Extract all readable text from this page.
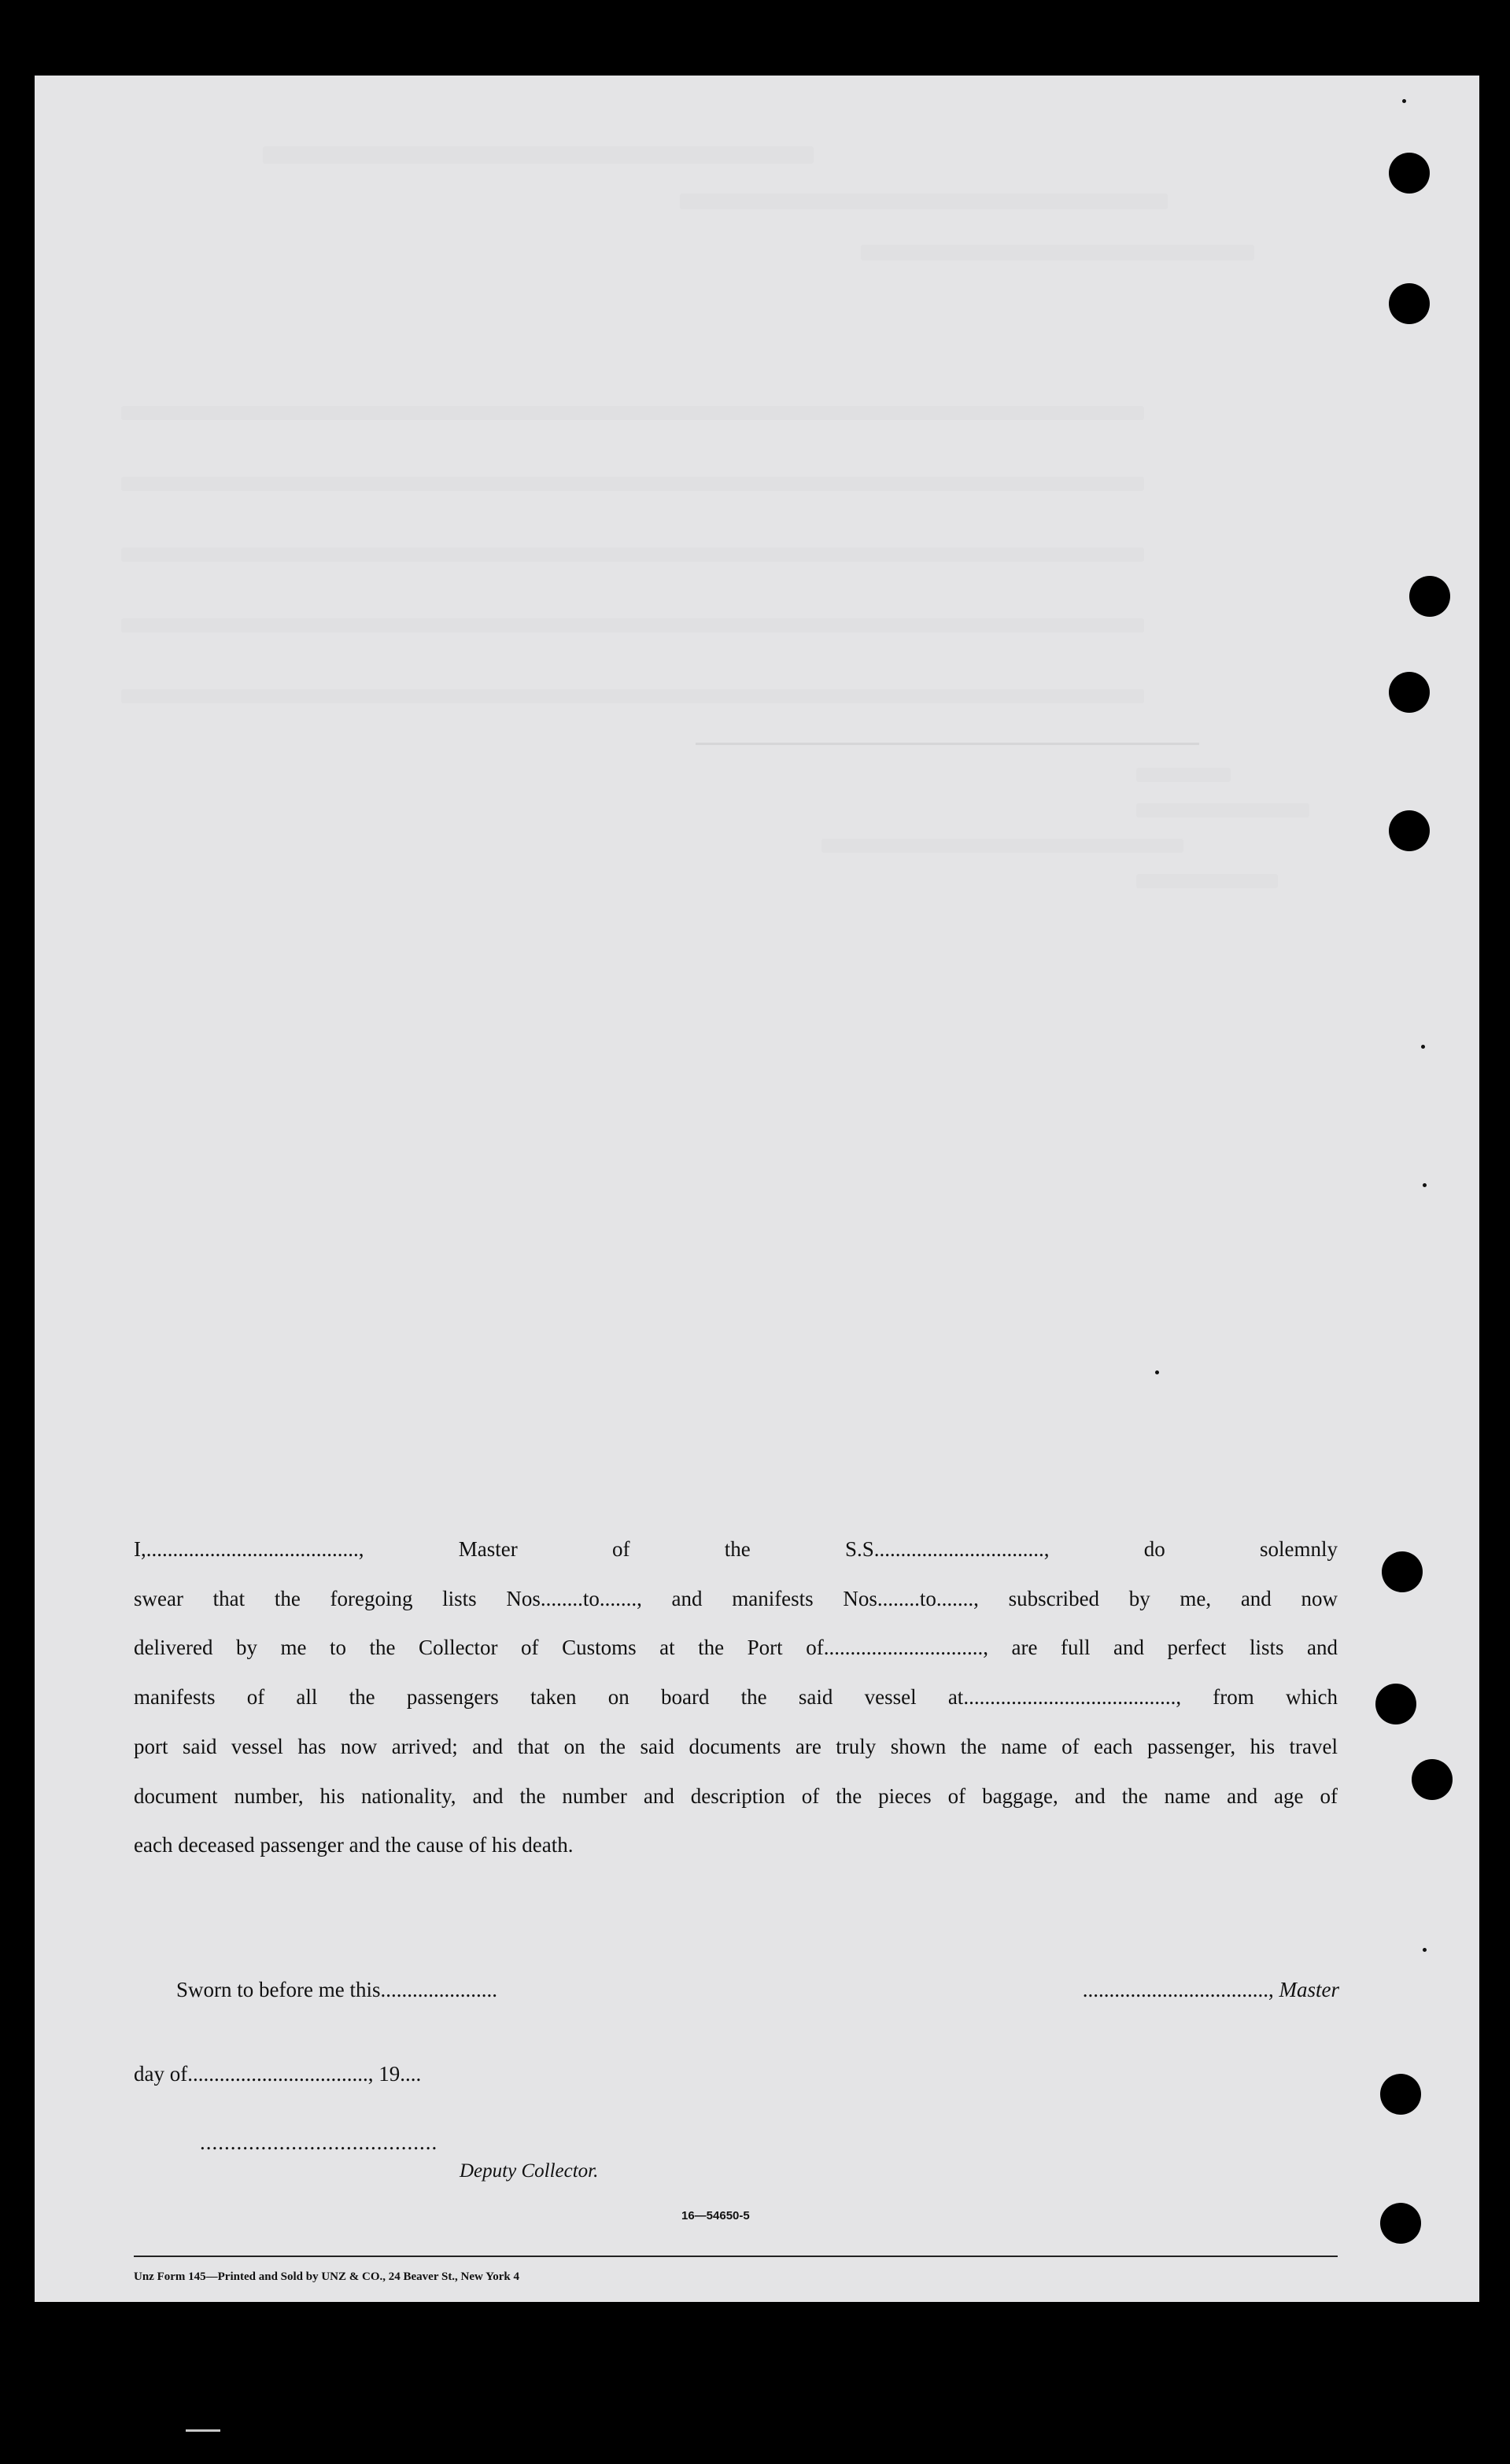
I,........................................, Master of the S.S................................, do solemnly
swear that the foregoing lists Nos........to......., and manifests Nos........to......., subscribed by me, and now
delivered by me to the Collector of Customs at the Port of.............................., are full and perfect lists and
manifests of all the passengers taken on board the said vessel at........................................, from which
port said vessel has now arrived; and that on the said documents are truly shown the name of each passenger, his travel
document number, his nationality, and the number and description of the pieces of baggage, and the name and age of
each deceased passenger and the cause of his death.
Sworn to before me this......................	..................................., Master
day of.................................., 19....
.......................................
Deputy Collector.
16—54650-5
Unz Form 145—Printed and Sold by UNZ & CO., 24 Beaver St., New York 4
